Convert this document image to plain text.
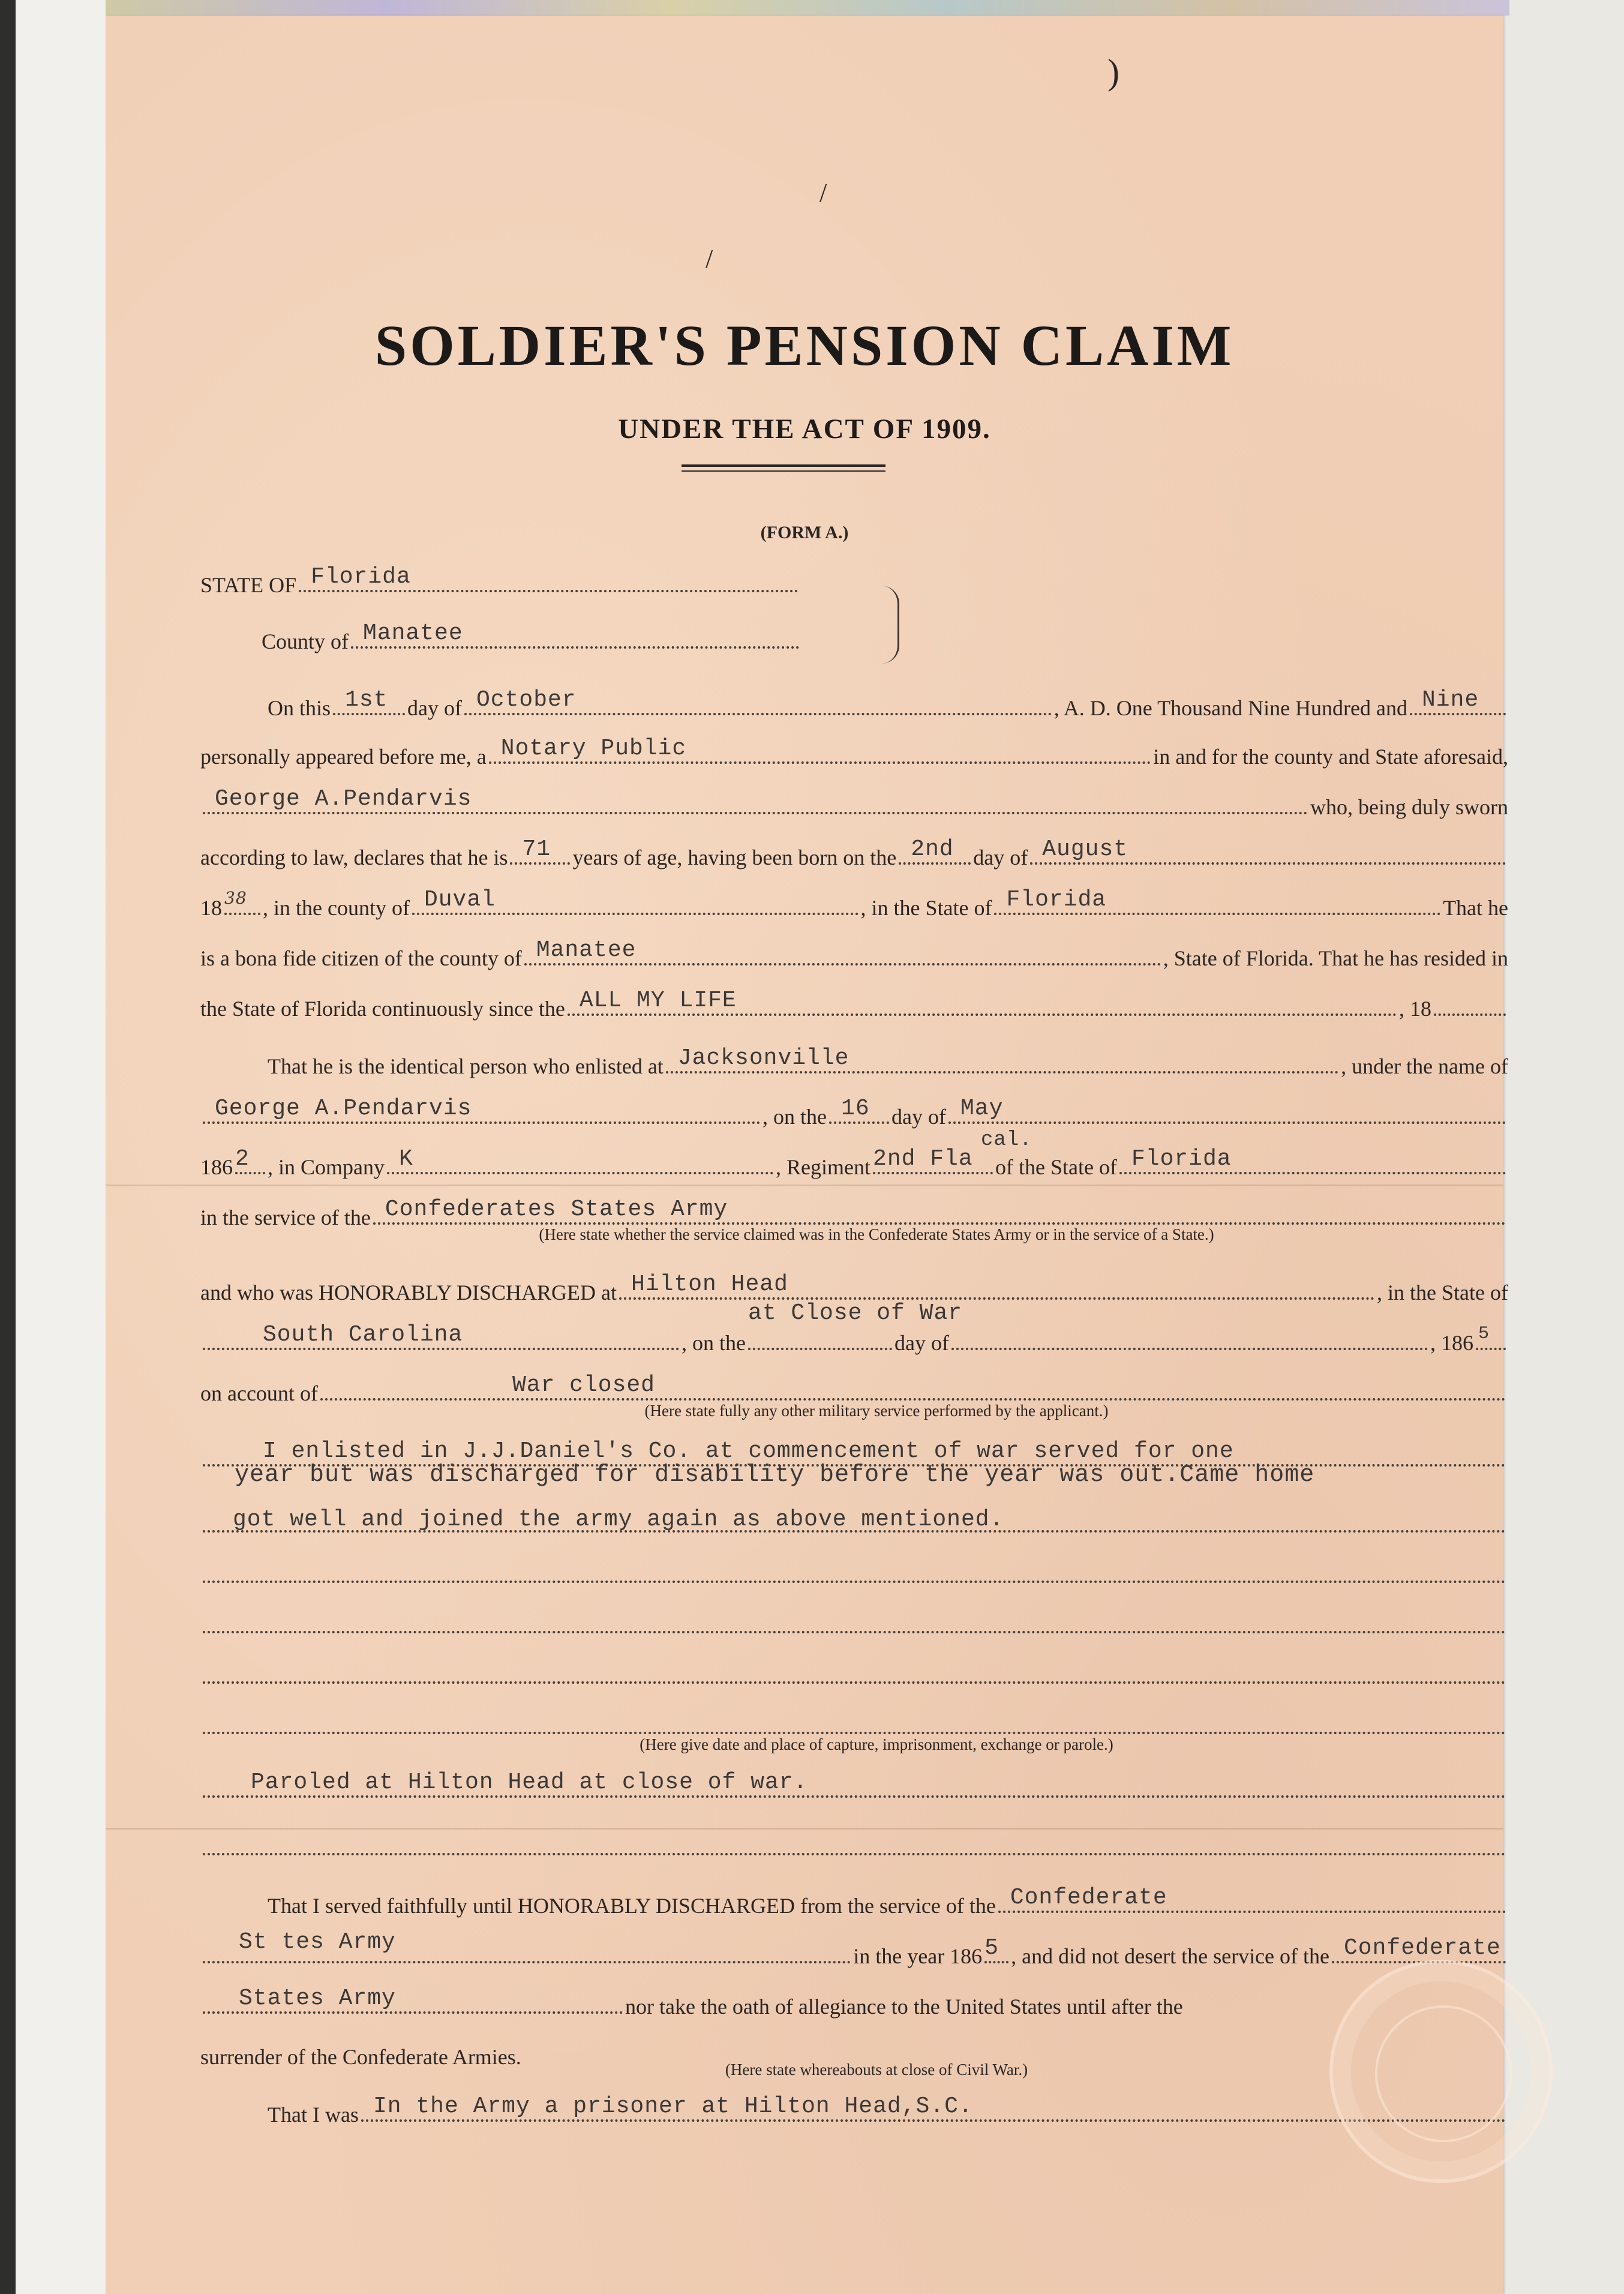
)
/
/
SOLDIER'S PENSION CLAIM
UNDER THE ACT OF 1909.
(FORM A.)
STATE OF Florida
County of Manatee
On this 1st day of October	, A. D. One Thousand Nine Hundred and Nine
personally appeared before me, a Notary Public	in and for the county and State aforesaid,
George A.Pendarvis	who, being duly sworn
according to law, declares that he is 71 years of age, having been born on the 2nd day of August
18 38 , in the county of Duval	, in the State of Florida	That he
is a bona fide citizen of the county of Manatee	, State of Florida. That he has resided in
the State of Florida continuously since the ALL MY LIFE	, 18
That he is the identical person who enlisted at Jacksonville	, under the name of
George A.Pendarvis	, on the 16 day of May
186 2 , in Company K	, Regiment 2nd Fla
cal.
of the State of Florida
in the service of the Confederates States Army
(Here state whether the service claimed was in the Confederate States Army or in the service of a State.)
and who was HONORABLY DISCHARGED at Hilton Head	, in the State of
South Carolina	, on the
at Close of War
day of	, 186 5
on account of	War closed
(Here state fully any other military service performed by the applicant.)
I enlisted in J.J.Daniel's Co. at commencement of war served for one
year but was discharged for disability before the year was out.Came home
got well and joined the army again as above mentioned.
(Here give date and place of capture, imprisonment, exchange or parole.)
Paroled at Hilton Head at close of war.
That I served faithfully until HONORABLY DISCHARGED from the service of the Confederate
St tes Army
in the year 186 5 , and did not desert the service of the Confederate
States Army	nor take the oath of allegiance to the United States until after the
surrender of the Confederate Armies.
(Here state whereabouts at close of Civil War.)
That I was In the Army a prisoner at Hilton Head,S.C.
